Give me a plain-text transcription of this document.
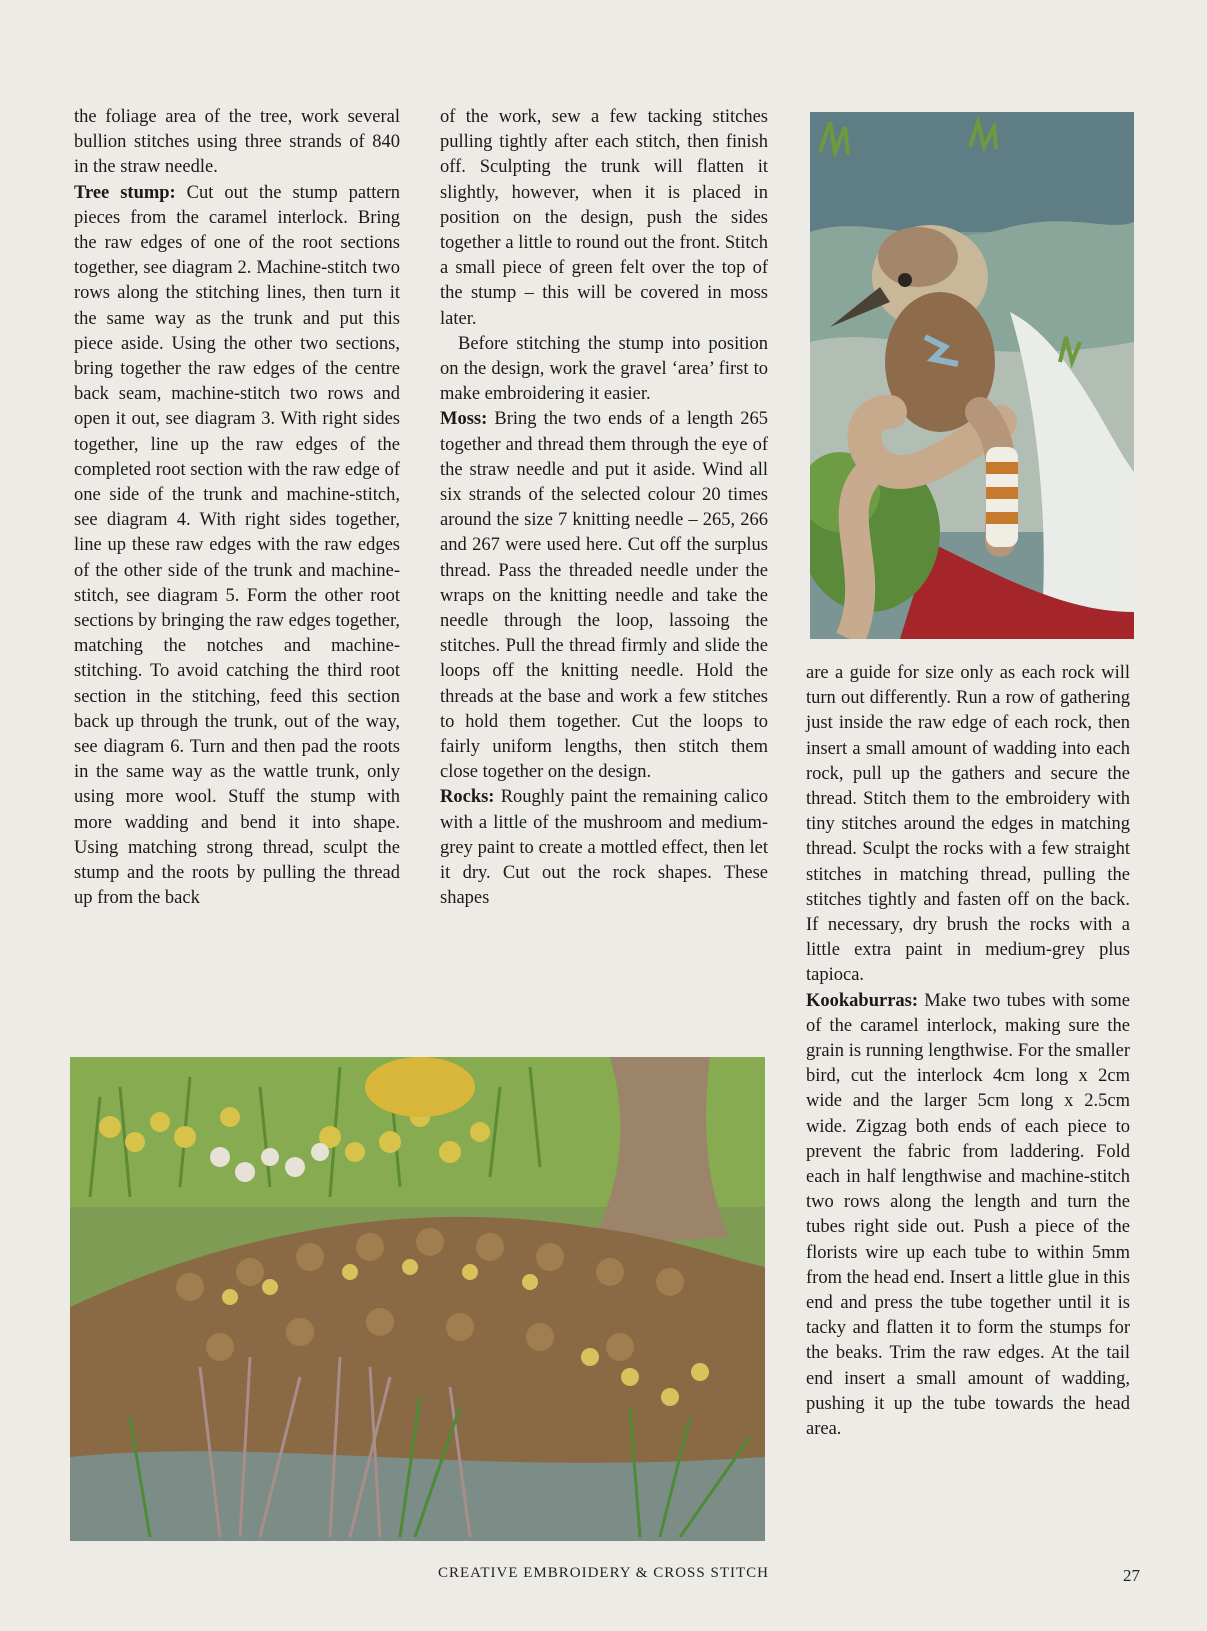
the foliage area of the tree, work several bullion stitches using three strands of 840 in the straw needle.

Tree stump: Cut out the stump pattern pieces from the caramel interlock. Bring the raw edges of one of the root sections together, see diagram 2. Machine-stitch two rows along the stitching lines, then turn it the same way as the trunk and put this piece aside. Using the other two sections, bring together the raw edges of the centre back seam, machine-stitch two rows and open it out, see diagram 3. With right sides together, line up the raw edges of the completed root section with the raw edge of one side of the trunk and machine-stitch, see diagram 4. With right sides together, line up these raw edges with the raw edges of the other side of the trunk and machine-stitch, see diagram 5. Form the other root sections by bringing the raw edges together, matching the notches and machine-stitching. To avoid catching the third root section in the stitching, feed this section back up through the trunk, out of the way, see diagram 6. Turn and then pad the roots in the same way as the wattle trunk, only using more wool. Stuff the stump with more wadding and bend it into shape. Using matching strong thread, sculpt the stump and the roots by pulling the thread up from the back

of the work, sew a few tacking stitches pulling tightly after each stitch, then finish off. Sculpting the trunk will flatten it slightly, however, when it is placed in position on the design, push the sides together a little to round out the front. Stitch a small piece of green felt over the top of the stump – this will be covered in moss later.

Before stitching the stump into position on the design, work the gravel ‘area’ first to make embroidering it easier.

Moss: Bring the two ends of a length 265 together and thread them through the eye of the straw needle and put it aside. Wind all six strands of the selected colour 20 times around the size 7 knitting needle – 265, 266 and 267 were used here. Cut off the surplus thread. Pass the threaded needle under the wraps on the knitting needle and take the needle through the loop, lassoing the stitches. Pull the thread firmly and slide the loops off the knitting needle. Hold the threads at the base and work a few stitches to hold them together. Cut the loops to fairly uniform lengths, then stitch them close together on the design.

Rocks: Roughly paint the remaining calico with a little of the mushroom and medium-grey paint to create a mottled effect, then let it dry. Cut out the rock shapes. These shapes

are a guide for size only as each rock will turn out differently. Run a row of gathering just inside the raw edge of each rock, then insert a small amount of wadding into each rock, pull up the gathers and secure the thread. Stitch them to the embroidery with tiny stitches around the edges in matching thread. Sculpt the rocks with a few straight stitches in matching thread, pulling the stitches tightly and fasten off on the back. If necessary, dry brush the rocks with a little extra paint in medium-grey plus tapioca.

Kookaburras: Make two tubes with some of the caramel interlock, making sure the grain is running lengthwise. For the smaller bird, cut the interlock 4cm long x 2cm wide and the larger 5cm long x 2.5cm wide. Zigzag both ends of each piece to prevent the fabric from laddering. Fold each in half lengthwise and machine-stitch two rows along the length and turn the tubes right side out. Push a piece of the florists wire up each tube to within 5mm from the head end. Insert a little glue in this end and press the tube together until it is tacky and flatten it to form the stumps for the beaks. Trim the raw edges. At the tail end insert a small amount of wadding, pushing it up the tube towards the head area.

CREATIVE EMBROIDERY & CROSS STITCH	27
